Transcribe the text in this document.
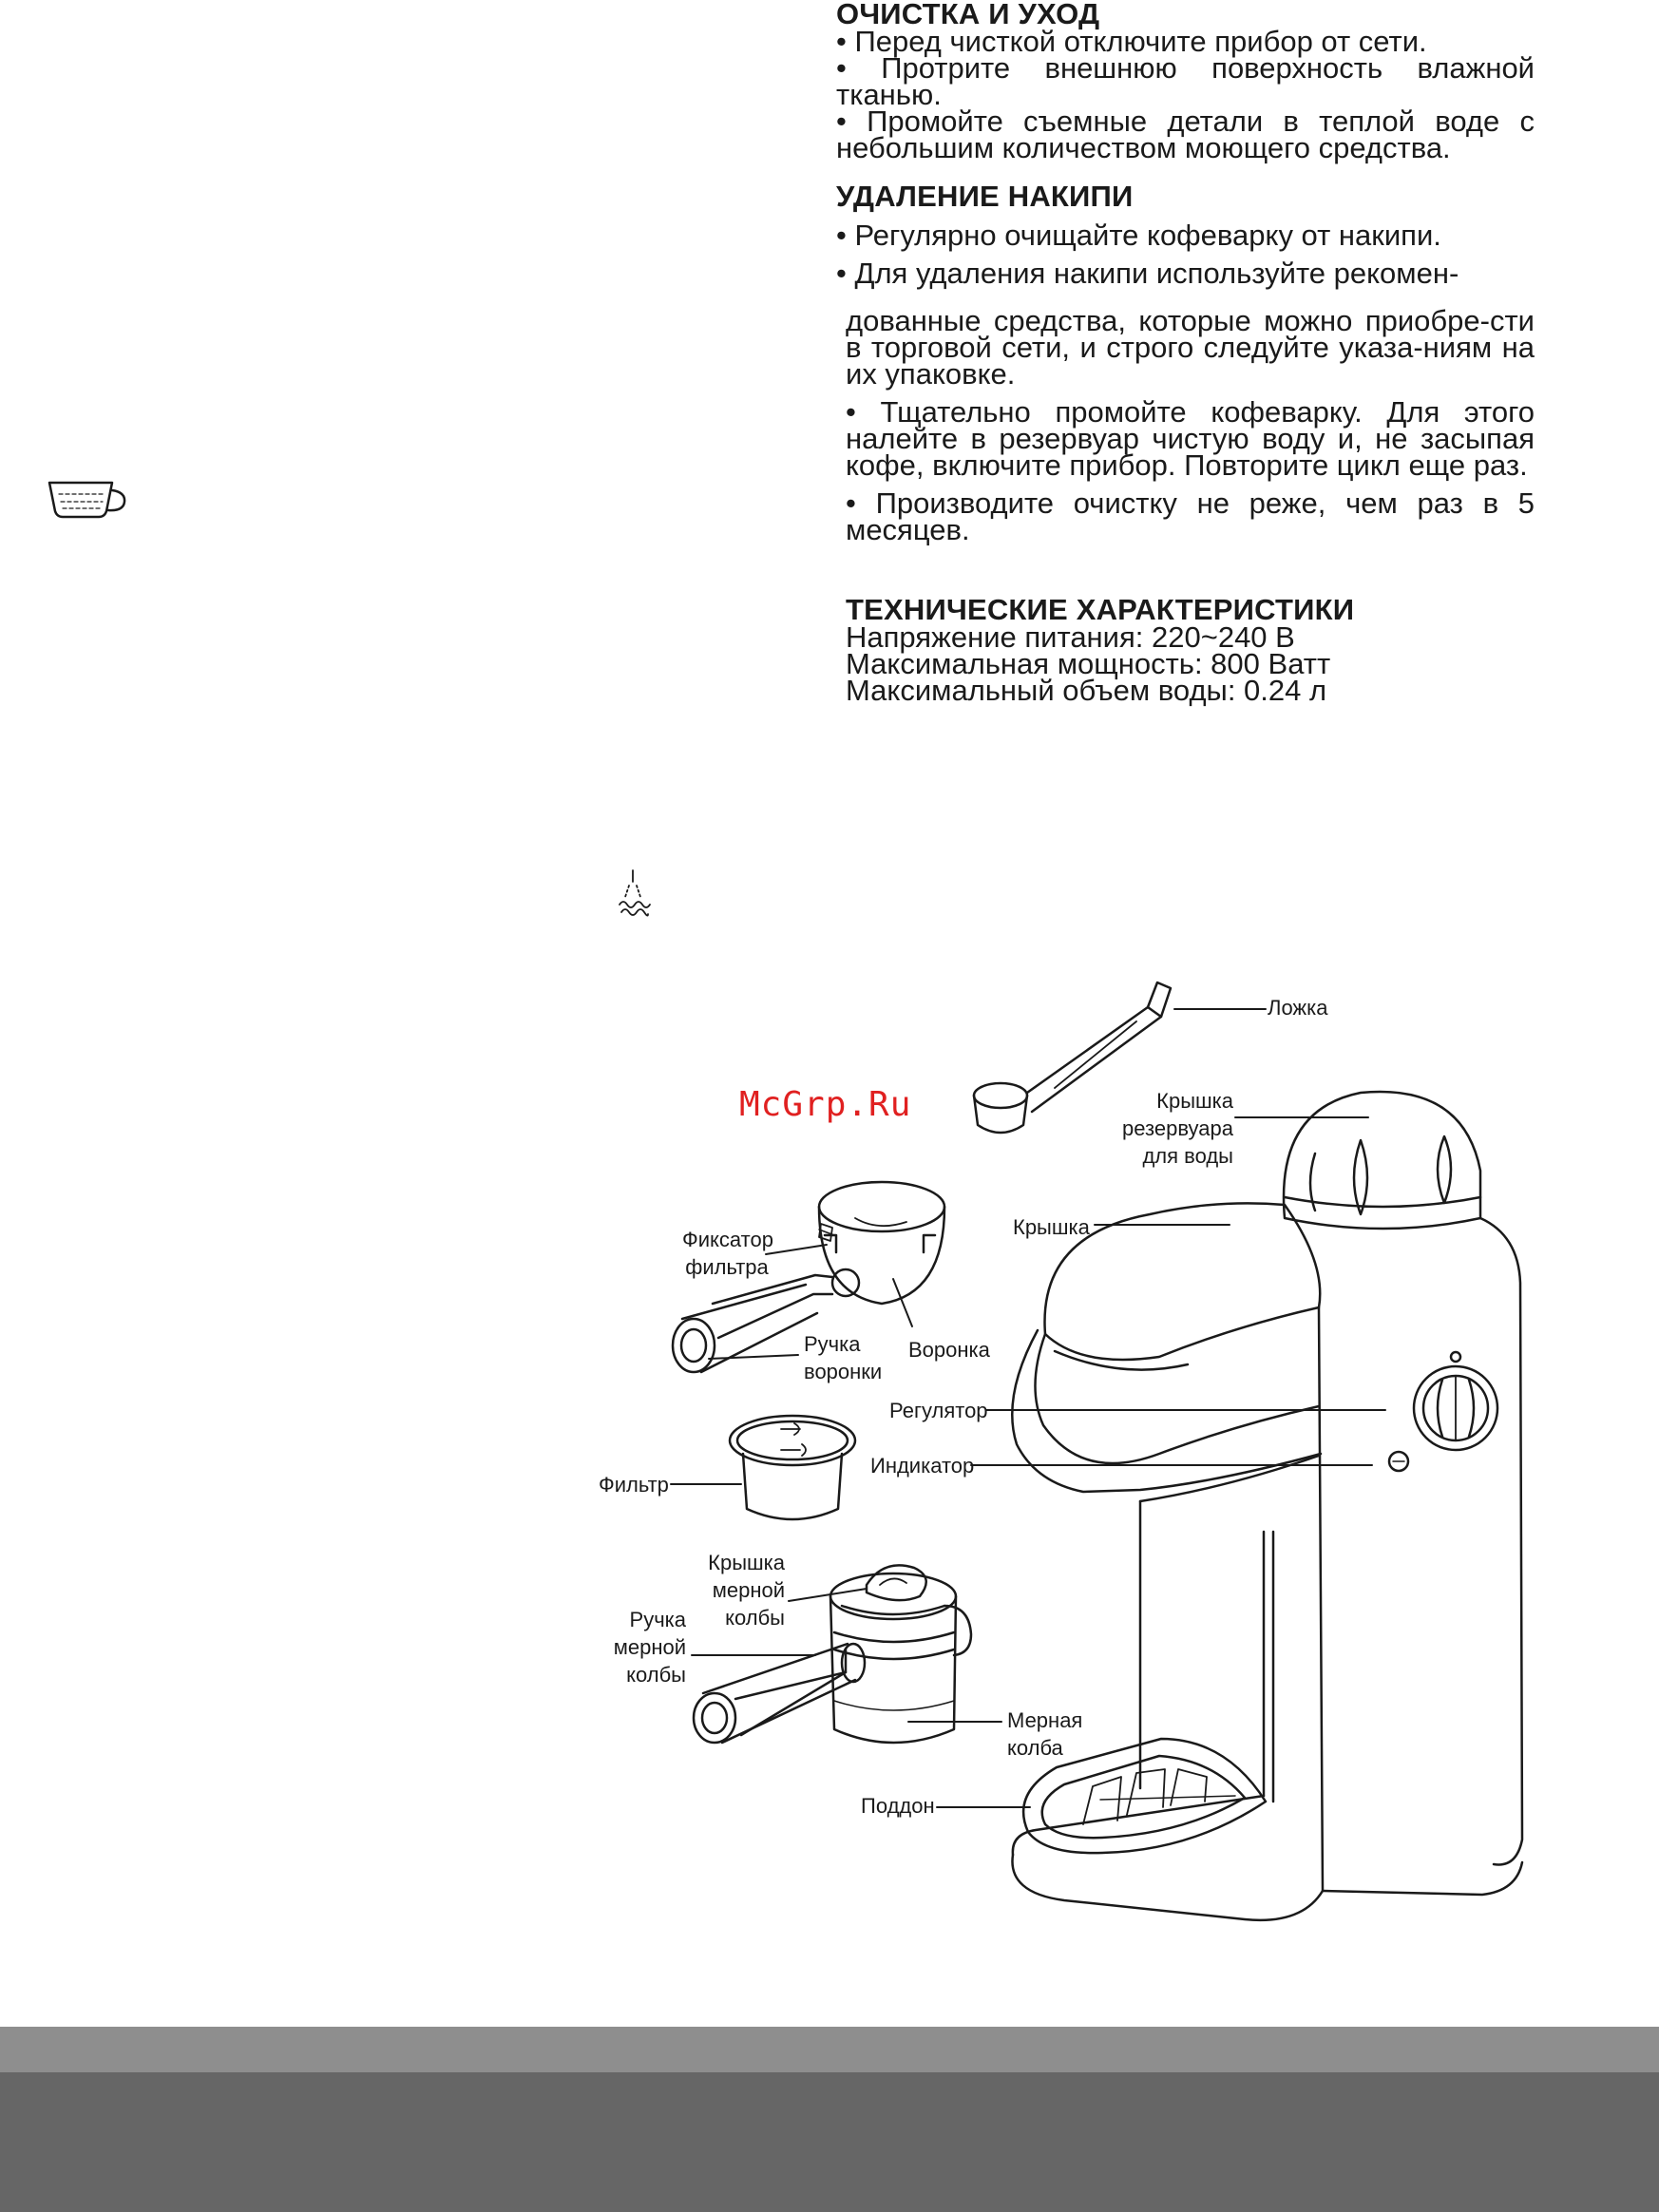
ОЧИСТКА И УХОД
• Перед чисткой отключите прибор от сети.
• Протрите внешнюю поверхность влажной тканью.
• Промойте съемные детали в теплой воде с небольшим количеством моющего средства.
УДАЛЕНИЕ НАКИПИ
• Регулярно очищайте кофеварку от накипи.
• Для удаления накипи используйте рекомен-
дованные средства, которые можно приобре-сти в торговой сети, и строго следуйте указа-ниям на их упаковке.
• Тщательно промойте кофеварку. Для этого налейте в резервуар чистую воду и, не засыпая кофе, включите прибор. Повторите цикл еще раз.
• Производите очистку не реже, чем раз в 5 месяцев.
ТЕХНИЧЕСКИЕ ХАРАКТЕРИСТИКИ
Напряжение питания: 220~240 В
Максимальная мощность: 800 Ватт
Максимальный объем воды: 0.24 л
Ложка
Крышка
резервуара
для воды
Крышка
Фиксатор
фильтра
Воронка
Ручка
воронки
Регулятор
Индикатор
Фильтр
Крышка
мерной
колбы
Ручка
мерной
колбы
Мерная
колба
Поддон
McGrp.Ru
